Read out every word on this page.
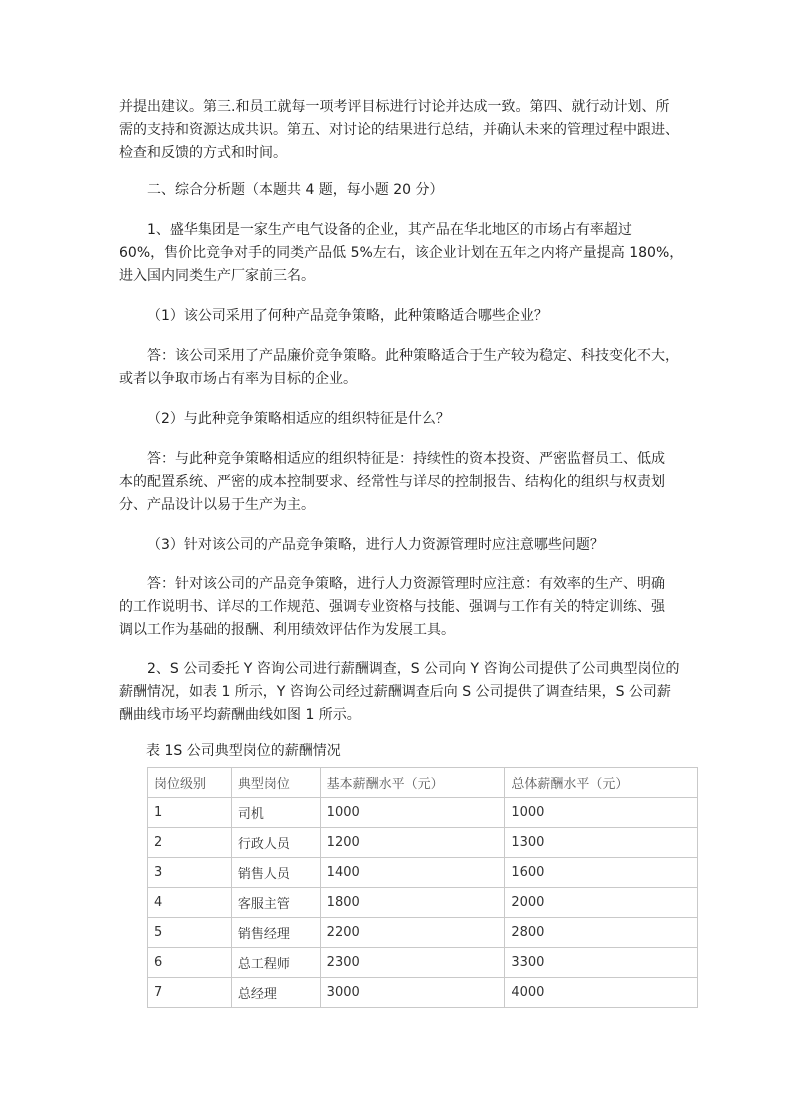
并提出建议。第三.和员工就每一项考评目标进行讨论并达成一致。第四、就行动计划、所
需的支持和资源达成共识。第五、对讨论的结果进行总结，并确认未来的管理过程中跟进、
检查和反馈的方式和时间。

二、综合分析题（本题共 4 题，每小题 20 分）

1、盛华集团是一家生产电气设备的企业，其产品在华北地区的市场占有率超过
60%，售价比竞争对手的同类产品低 5%左右，该企业计划在五年之内将产量提高 180%，
进入国内同类生产厂家前三名。

（1）该公司采用了何种产品竞争策略，此种策略适合哪些企业？

答：该公司采用了产品廉价竞争策略。此种策略适合于生产较为稳定、科技变化不大，
或者以争取市场占有率为目标的企业。

（2）与此种竞争策略相适应的组织特征是什么？

答：与此种竞争策略相适应的组织特征是：持续性的资本投资、严密监督员工、低成
本的配置系统、严密的成本控制要求、经常性与详尽的控制报告、结构化的组织与权责划
分、产品设计以易于生产为主。

（3）针对该公司的产品竞争策略，进行人力资源管理时应注意哪些问题？

答：针对该公司的产品竞争策略，进行人力资源管理时应注意：有效率的生产、明确
的工作说明书、详尽的工作规范、强调专业资格与技能、强调与工作有关的特定训练、强
调以工作为基础的报酬、利用绩效评估作为发展工具。

2、S 公司委托 Y 咨询公司进行薪酬调查，S 公司向 Y 咨询公司提供了公司典型岗位的
薪酬情况，如表 1 所示，Y 咨询公司经过薪酬调查后向 S 公司提供了调查结果，S 公司薪
酬曲线市场平均薪酬曲线如图 1 所示。

表 1S 公司典型岗位的薪酬情况

岗位级别	典型岗位	基本薪酬水平（元）	总体薪酬水平（元）
1	司机	1000	1000
2	行政人员	1200	1300
3	销售人员	1400	1600
4	客服主管	1800	2000
5	销售经理	2200	2800
6	总工程师	2300	3300
7	总经理	3000	4000
